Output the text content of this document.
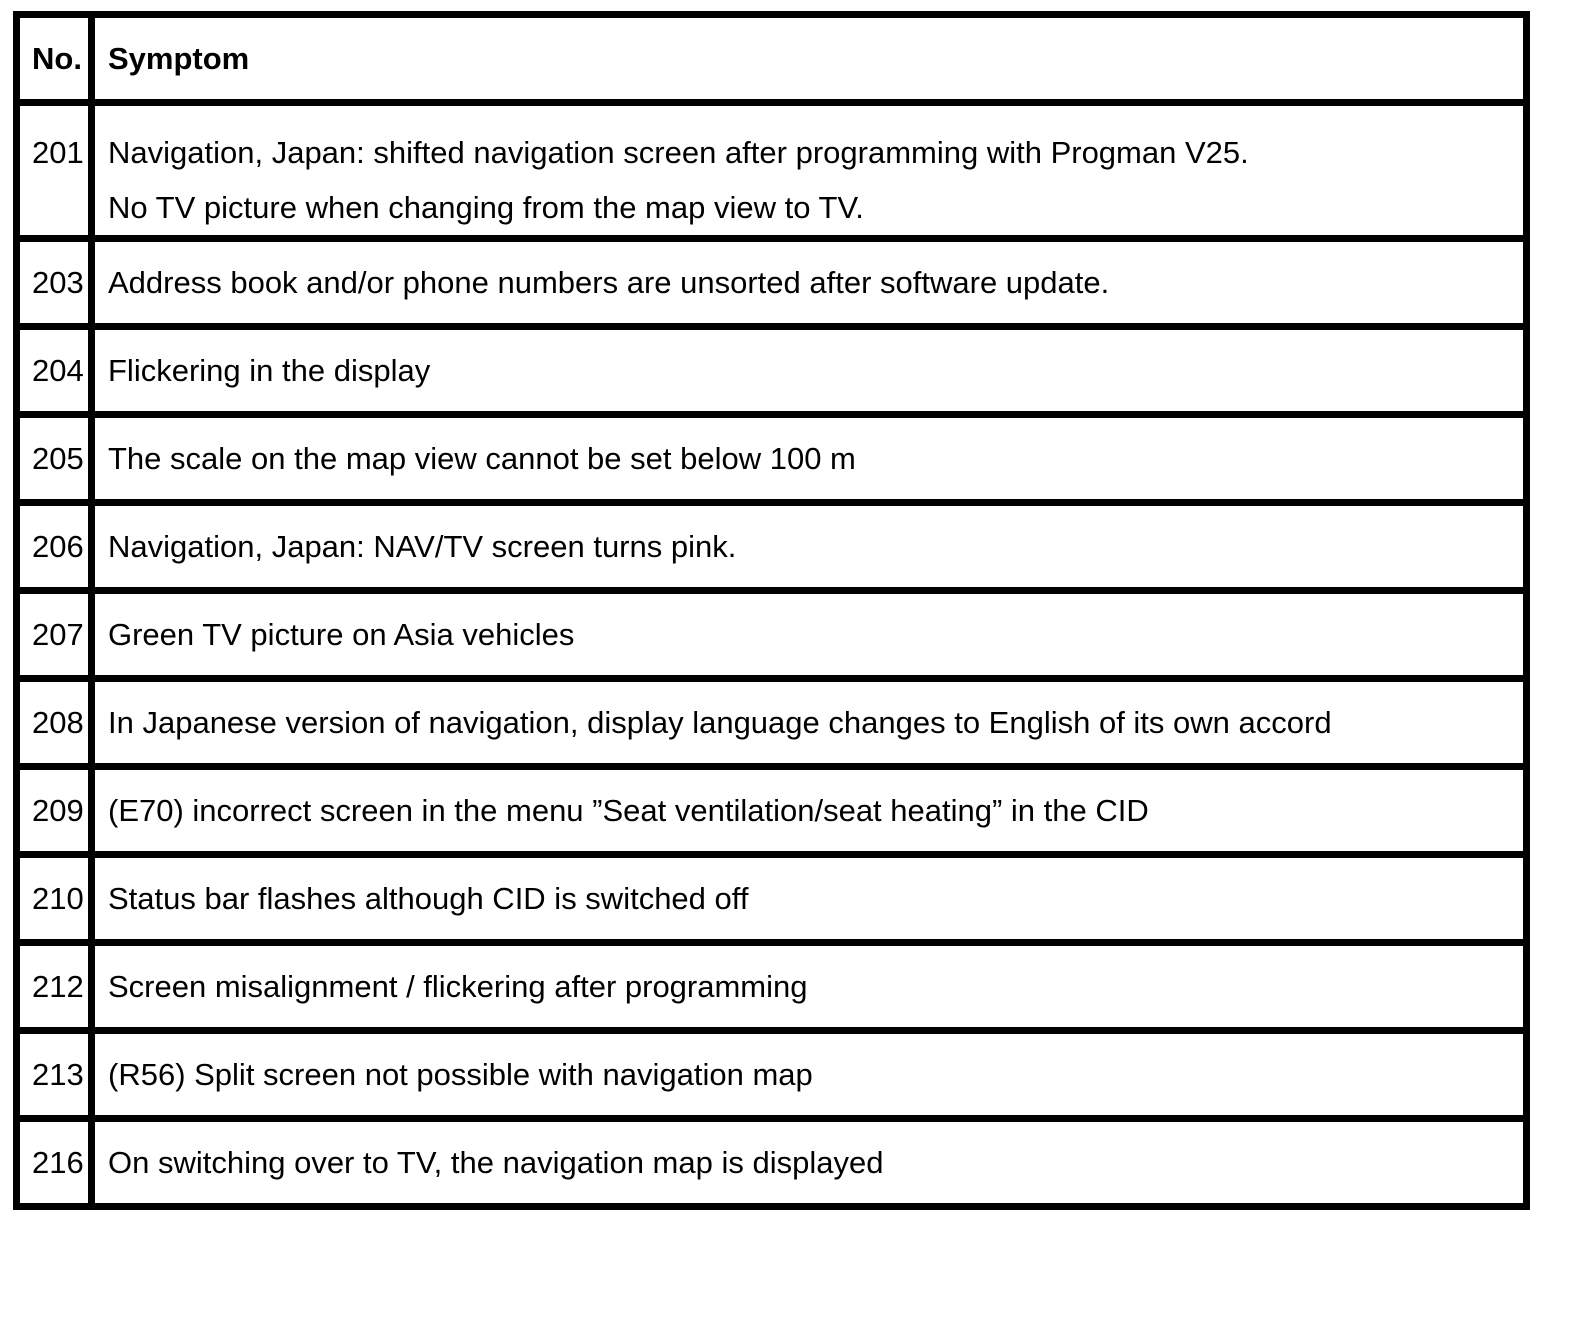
No.	Symptom
201	Navigation, Japan: shifted navigation screen after programming with Progman V25.
No TV picture when changing from the map view to TV.

203	Address book and/or phone numbers are unsorted after software update.
204	Flickering in the display
205	The scale on the map view cannot be set below 100 m
206	Navigation, Japan: NAV/TV screen turns pink.
207	Green TV picture on Asia vehicles
208	In Japanese version of navigation, display language changes to English of its own accord
209	(E70) incorrect screen in the menu ”Seat ventilation/seat heating” in the CID
210	Status bar flashes although CID is switched off
212	Screen misalignment / flickering after programming
213	(R56) Split screen not possible with navigation map
216	On switching over to TV, the navigation map is displayed
